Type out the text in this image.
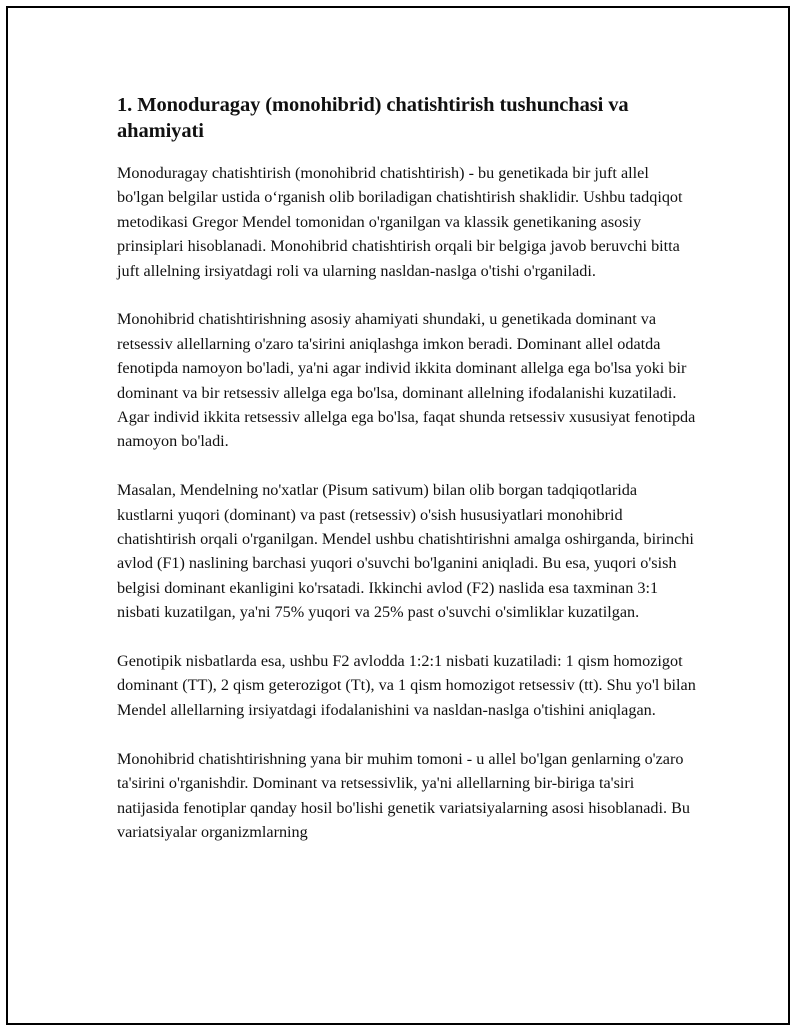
1. Monoduragay (monohibrid) chatishtirish tushunchasi va ahamiyati

Monoduragay chatishtirish (monohibrid chatishtirish) - bu genetikada bir juft allel bo'lgan belgilar ustida o‘rganish olib boriladigan chatishtirish shaklidir. Ushbu tadqiqot metodikasi Gregor Mendel tomonidan o'rganilgan va klassik genetikaning asosiy prinsiplari hisoblanadi. Monohibrid chatishtirish orqali bir belgiga javob beruvchi bitta juft allelning irsiyatdagi roli va ularning nasldan-naslga o'tishi o'rganiladi.

Monohibrid chatishtirishning asosiy ahamiyati shundaki, u genetikada dominant va retsessiv allellarning o'zaro ta'sirini aniqlashga imkon beradi. Dominant allel odatda fenotipda namoyon bo'ladi, ya'ni agar individ ikkita dominant allelga ega bo'lsa yoki bir dominant va bir retsessiv allelga ega bo'lsa, dominant allelning ifodalanishi kuzatiladi. Agar individ ikkita retsessiv allelga ega bo'lsa, faqat shunda retsessiv xususiyat fenotipda namoyon bo'ladi.

Masalan, Mendelning no'xatlar (Pisum sativum) bilan olib borgan tadqiqotlarida kustlarni yuqori (dominant) va past (retsessiv) o'sish hususiyatlari monohibrid chatishtirish orqali o'rganilgan. Mendel ushbu chatishtirishni amalga oshirganda, birinchi avlod (F1) naslining barchasi yuqori o'suvchi bo'lganini aniqladi. Bu esa, yuqori o'sish belgisi dominant ekanligini ko'rsatadi. Ikkinchi avlod (F2) naslida esa taxminan 3:1 nisbati kuzatilgan, ya'ni 75% yuqori va 25% past o'suvchi o'simliklar kuzatilgan.

Genotipik nisbatlarda esa, ushbu F2 avlodda 1:2:1 nisbati kuzatiladi: 1 qism homozigot dominant (TT), 2 qism geterozigot (Tt), va 1 qism homozigot retsessiv (tt). Shu yo'l bilan Mendel allellarning irsiyatdagi ifodalanishini va nasldan-naslga o'tishini aniqlagan.

Monohibrid chatishtirishning yana bir muhim tomoni - u allel bo'lgan genlarning o'zaro ta'sirini o'rganishdir. Dominant va retsessivlik, ya'ni allellarning bir-biriga ta'siri natijasida fenotiplar qanday hosil bo'lishi genetik variatsiyalarning asosi hisoblanadi. Bu variatsiyalar organizmlarning
